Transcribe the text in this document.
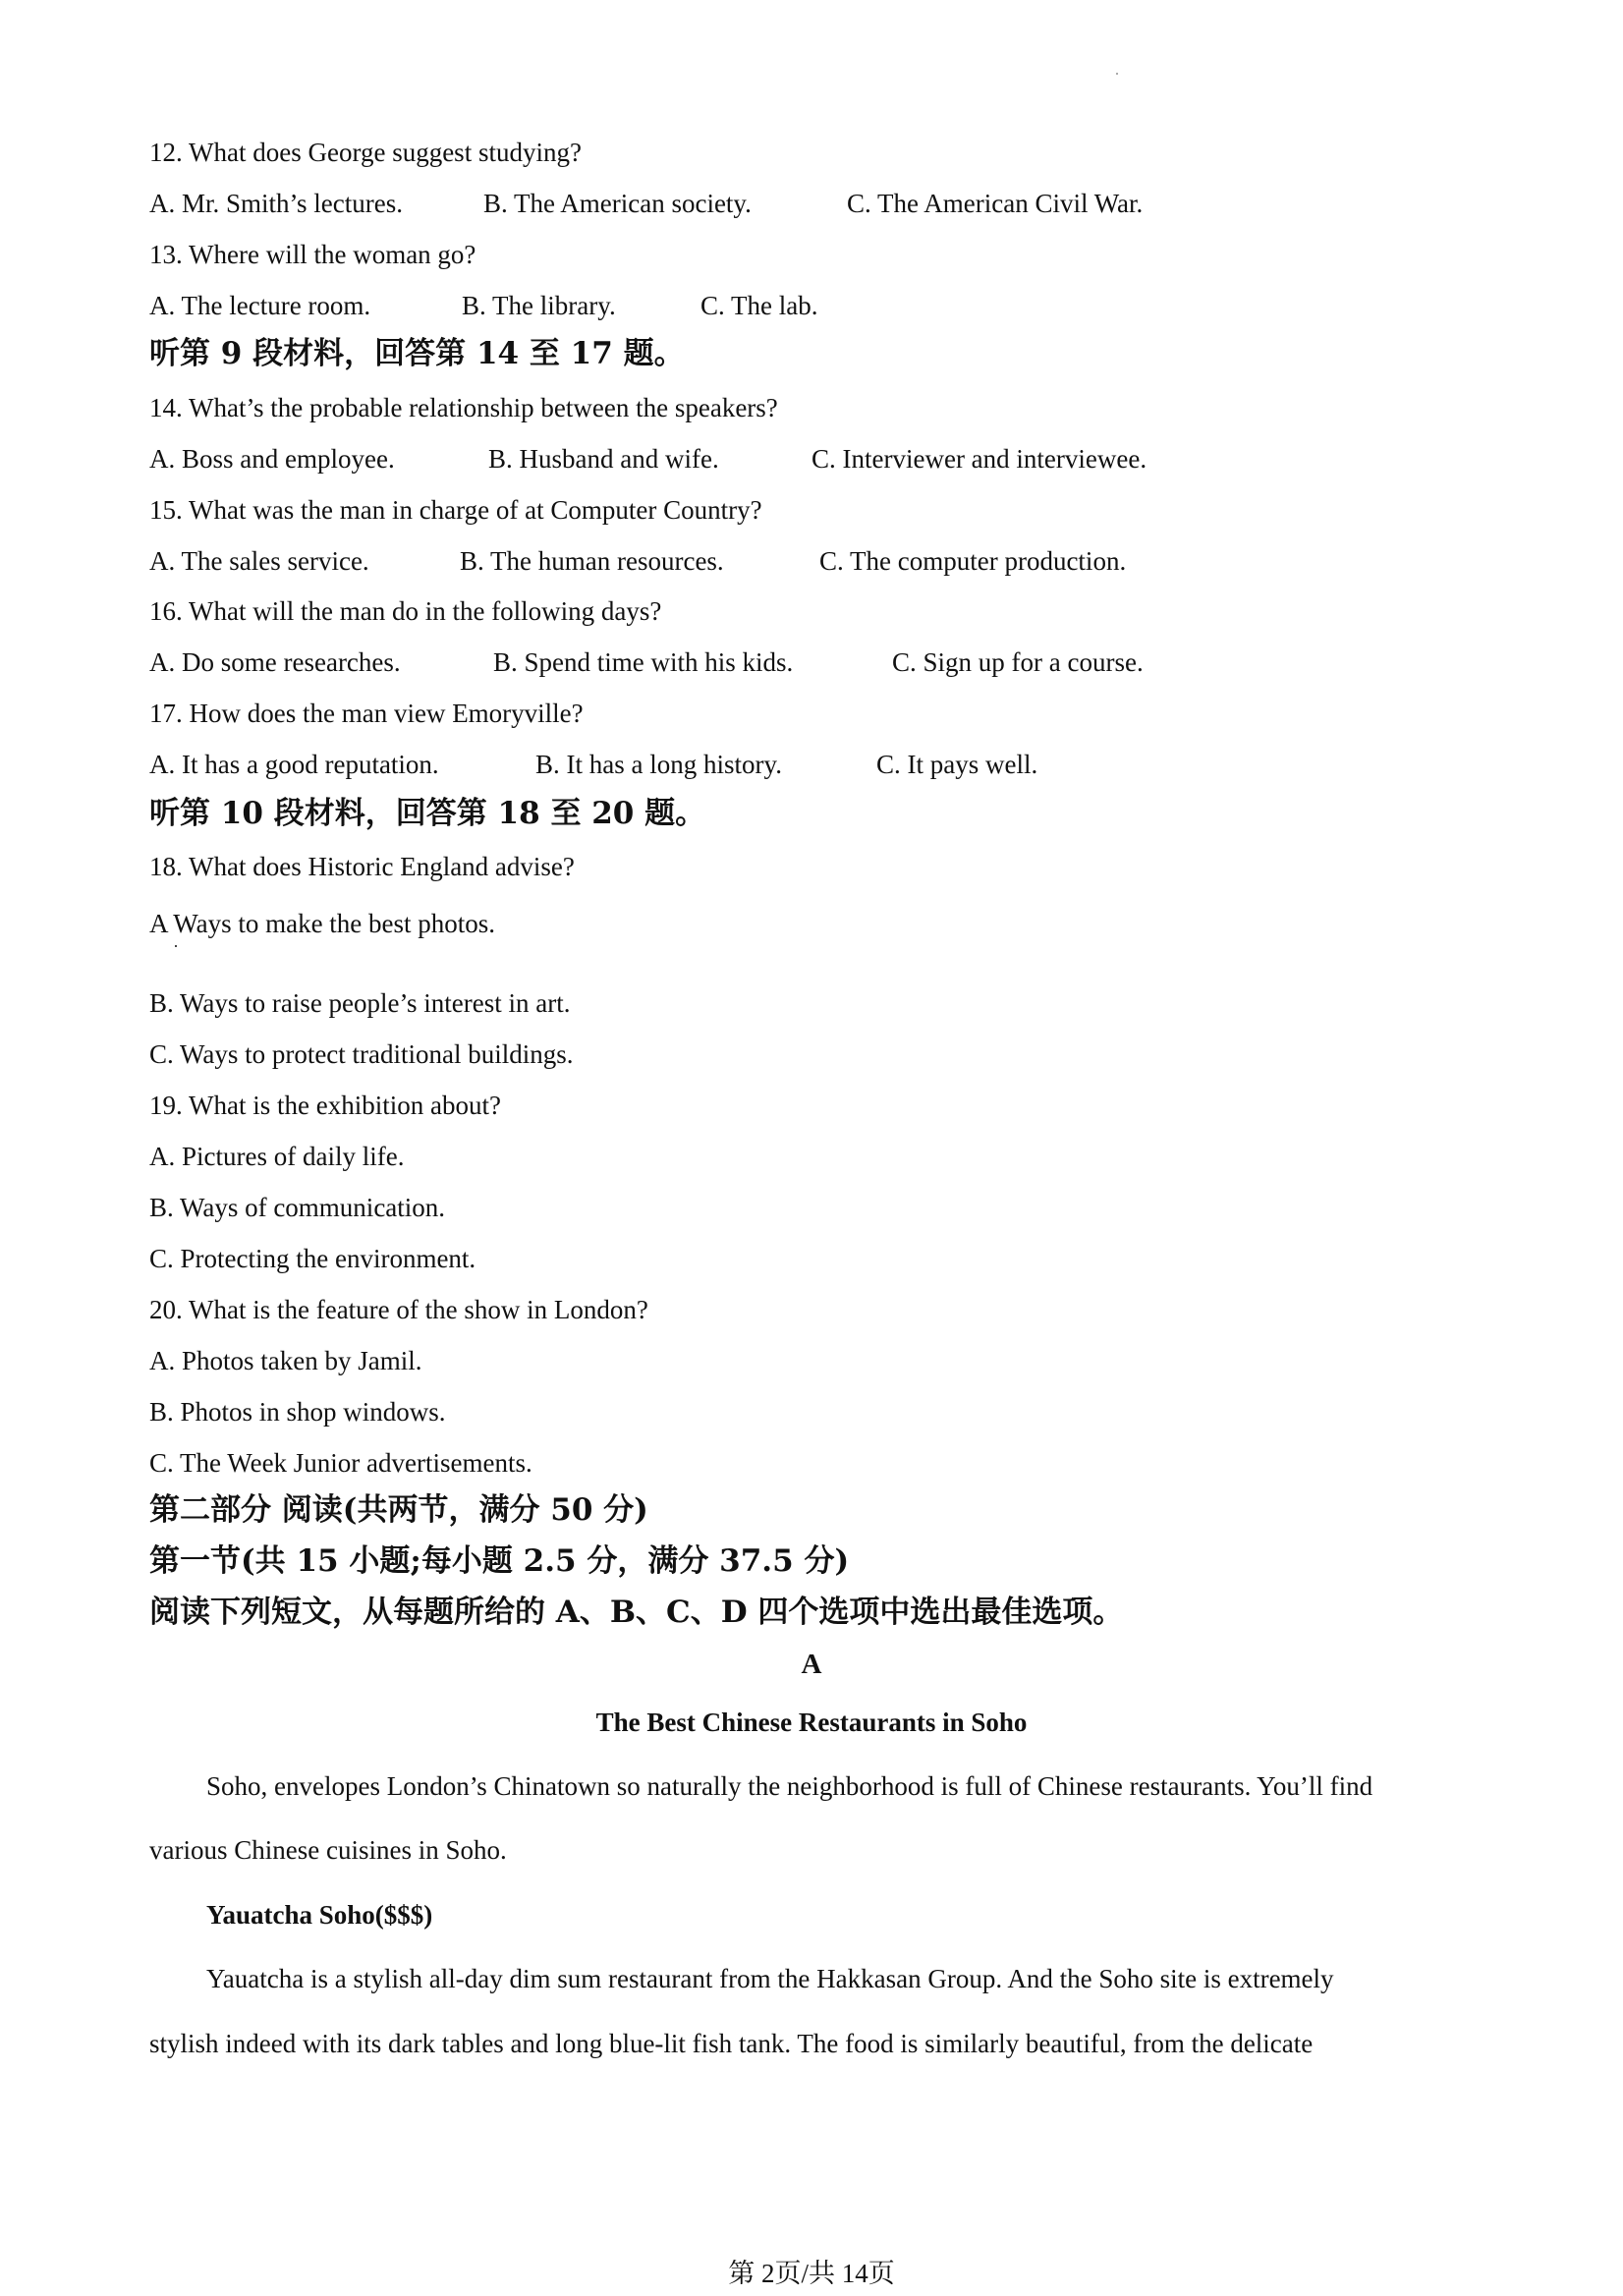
12. What does George suggest studying?
A. Mr. Smith’s lectures.	B. The American society.	C. The American Civil War.
13. Where will the woman go?
A. The lecture room.	B. The library.	C. The lab.
听第 9 段材料，回答第 14 至 17 题。
14. What’s the probable relationship between the speakers?
A. Boss and employee.	B. Husband and wife.	C. Interviewer and interviewee.
15. What was the man in charge of at Computer Country?
A. The sales service.	B. The human resources.	C. The computer production.
16. What will the man do in the following days?
A. Do some researches.	B. Spend time with his kids.	C. Sign up for a course.
17. How does the man view Emoryville?
A. It has a good reputation.	B. It has a long history.	C. It pays well.
听第 10 段材料，回答第 18 至 20 题。
18. What does Historic England advise?
A Ways to make the best photos.
B. Ways to raise people’s interest in art.
C. Ways to protect traditional buildings.
19. What is the exhibition about?
A. Pictures of daily life.
B. Ways of communication.
C. Protecting the environment.
20. What is the feature of the show in London?
A. Photos taken by Jamil.
B. Photos in shop windows.
C. The Week Junior advertisements.
第二部分 阅读(共两节，满分 50 分)
第一节(共 15 小题;每小题 2.5 分，满分 37.5 分)
阅读下列短文，从每题所给的 A、B、C、D 四个选项中选出最佳选项。
A
The Best Chinese Restaurants in Soho
Soho, envelopes London’s Chinatown so naturally the neighborhood is full of Chinese restaurants. You’ll find
various Chinese cuisines in Soho.
Yauatcha Soho($$$)
Yauatcha is a stylish all-day dim sum restaurant from the Hakkasan Group. And the Soho site is extremely
stylish indeed with its dark tables and long blue-lit fish tank. The food is similarly beautiful, from the delicate
第 2页/共 14页
